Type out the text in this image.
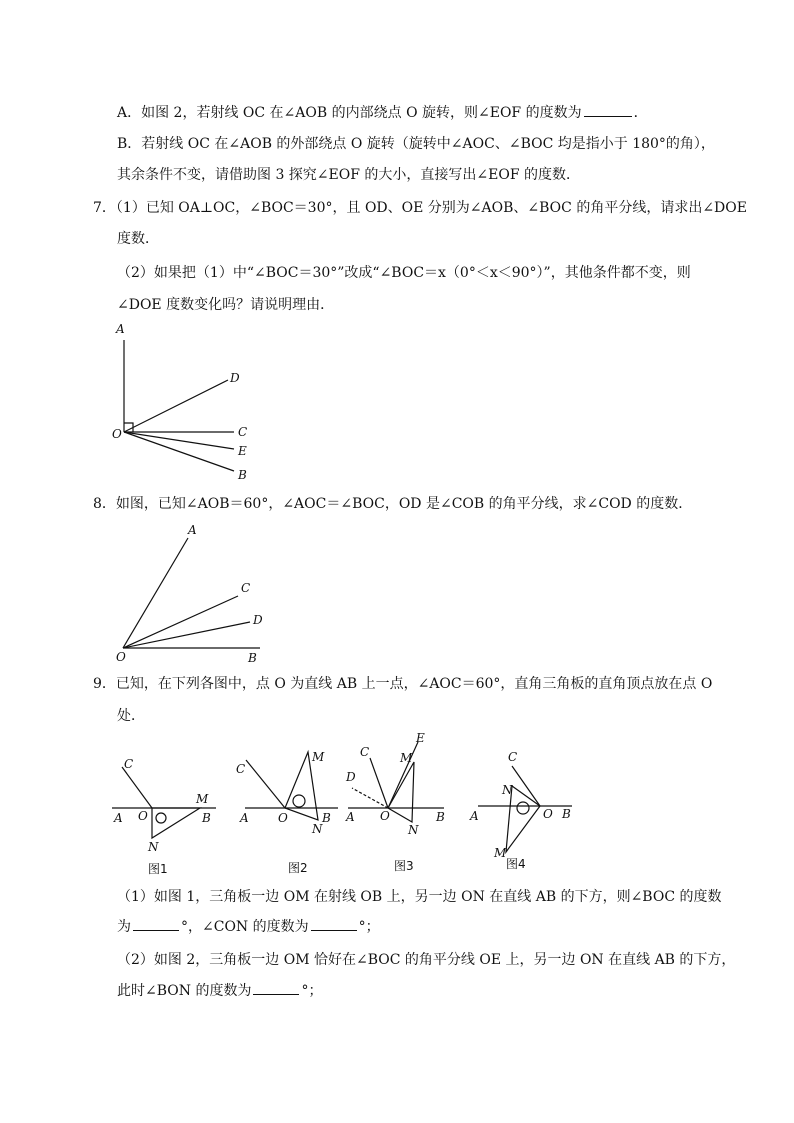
A．如图 2，若射线 OC 在∠AOB 的内部绕点 O 旋转，则∠EOF 的度数为	．
B．若射线 OC 在∠AOB 的外部绕点 O 旋转（旋转中∠AOC、∠BOC 均是指小于 180°的角），
其余条件不变，请借助图 3 探究∠EOF 的大小，直接写出∠EOF 的度数．
7．（1）已知 OA⊥OC，∠BOC＝30°，且 OD、OE 分别为∠AOB、∠BOC 的角平分线，请求出∠DOE
度数．
（2）如果把（1）中“∠BOC＝30°”改成“∠BOC＝x（0°＜x＜90°）”，其他条件都不变，则
∠DOE 度数变化吗？请说明理由．
A
D
O	C
E
B
8．如图，已知∠AOB＝60°，∠AOC＝∠BOC，OD 是∠COB 的角平分线，求∠COD 的度数．
A
C
D
O	B
9．已知，在下列各图中，点 O 为直线 AB 上一点，∠AOC＝60°，直角三角板的直角顶点放在点 O
处．
C
A O
M
B
N
图1
C
M
A O	B
N
图2
C
E
M
D
A O	B
N
图3
C
N
A	O B
M
图4
（1）如图 1，三角板一边 OM 在射线 OB 上，另一边 ON 在直线 AB 的下方，则∠BOC 的度数
为	°，∠CON 的度数为	°；
（2）如图 2，三角板一边 OM 恰好在∠BOC 的角平分线 OE 上，另一边 ON 在直线 AB 的下方，
此时∠BON 的度数为	°；
